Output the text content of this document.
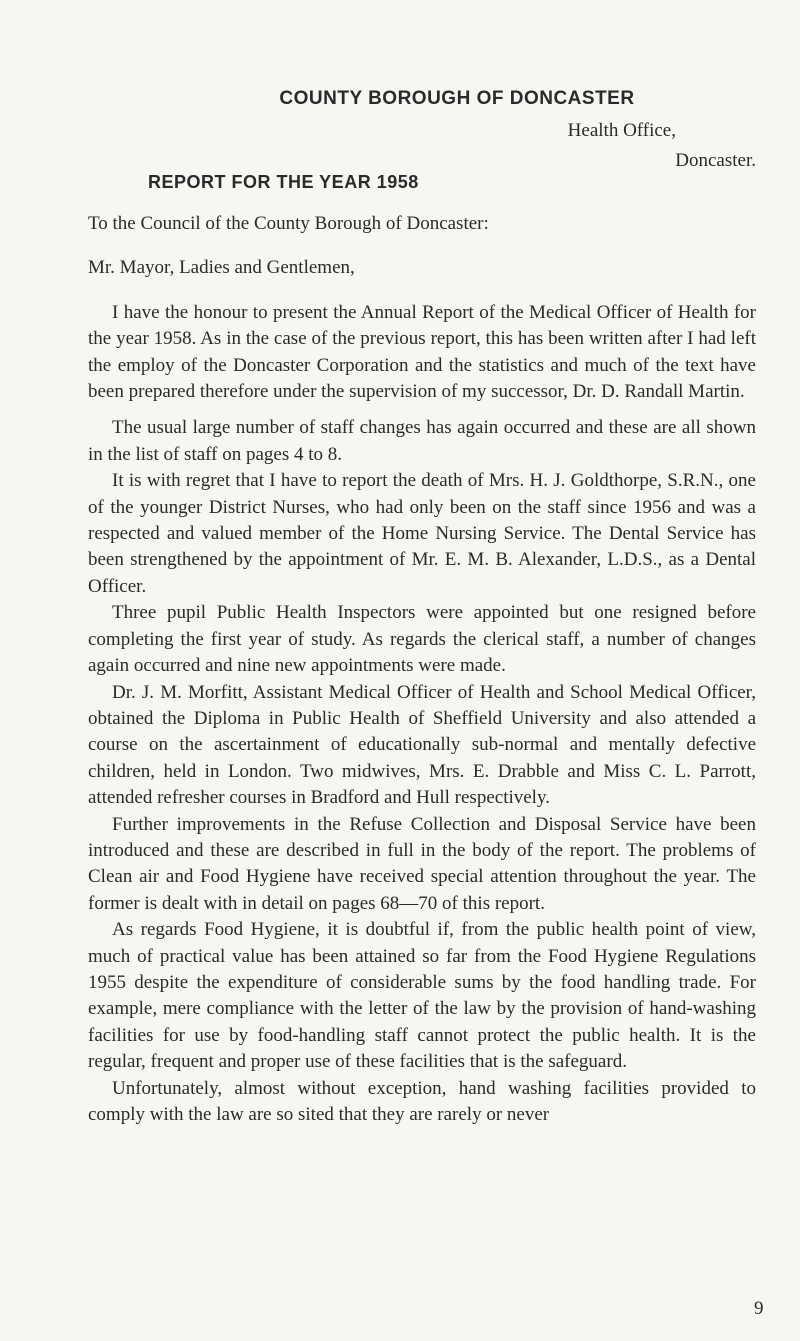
COUNTY BOROUGH OF DONCASTER
Health Office,
Doncaster.
REPORT FOR THE YEAR 1958

To the Council of the County Borough of Doncaster:

Mr. Mayor, Ladies and Gentlemen,

I have the honour to present the Annual Report of the Medical Officer of Health for the year 1958. As in the case of the previous report, this has been written after I had left the employ of the Doncaster Corporation and the statistics and much of the text have been prepared therefore under the supervision of my successor, Dr. D. Randall Martin.

The usual large number of staff changes has again occurred and these are all shown in the list of staff on pages 4 to 8.

It is with regret that I have to report the death of Mrs. H. J. Goldthorpe, S.R.N., one of the younger District Nurses, who had only been on the staff since 1956 and was a respected and valued member of the Home Nursing Service. The Dental Service has been strengthened by the appointment of Mr. E. M. B. Alexander, L.D.S., as a Dental Officer.

Three pupil Public Health Inspectors were appointed but one resigned before completing the first year of study. As regards the clerical staff, a number of changes again occurred and nine new appointments were made.

Dr. J. M. Morfitt, Assistant Medical Officer of Health and School Medical Officer, obtained the Diploma in Public Health of Sheffield University and also attended a course on the ascertainment of educationally sub-normal and mentally defective children, held in London. Two midwives, Mrs. E. Drabble and Miss C. L. Parrott, attended refresher courses in Bradford and Hull respectively.

Further improvements in the Refuse Collection and Disposal Service have been introduced and these are described in full in the body of the report. The problems of Clean air and Food Hygiene have received special attention throughout the year. The former is dealt with in detail on pages 68—70 of this report.

As regards Food Hygiene, it is doubtful if, from the public health point of view, much of practical value has been attained so far from the Food Hygiene Regulations 1955 despite the expenditure of considerable sums by the food handling trade. For example, mere compliance with the letter of the law by the provision of hand-washing facilities for use by food-handling staff cannot protect the public health. It is the regular, frequent and proper use of these facilities that is the safeguard.

Unfortunately, almost without exception, hand washing facilities provided to comply with the law are so sited that they are rarely or never

9
